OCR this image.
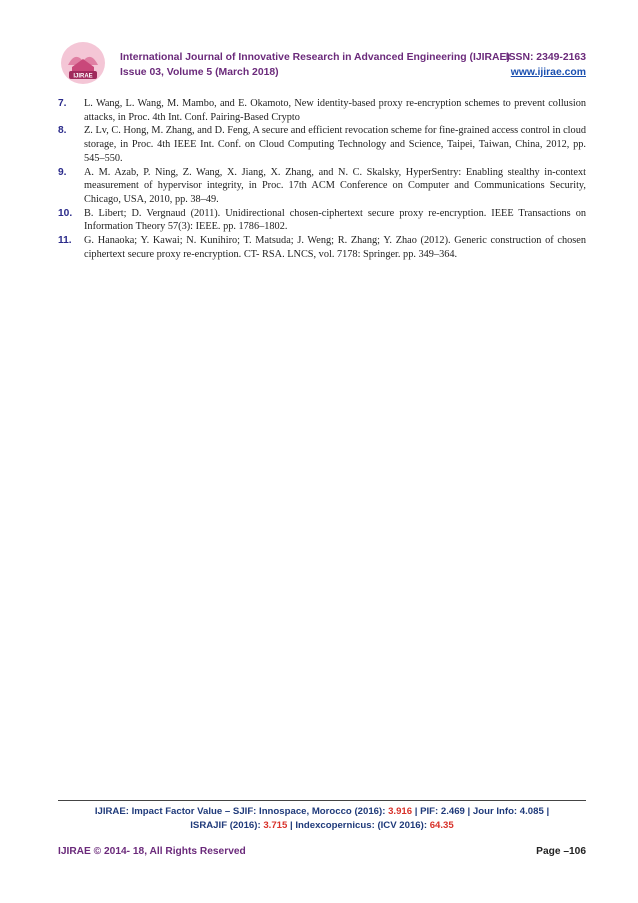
IJIRAE
International Journal of Innovative Research in Advanced Engineering (IJIRAE)
ISSN: 2349-2163
Issue 03, Volume 5 (March 2018)	www.ijirae.com
7. L. Wang, L. Wang, M. Mambo, and E. Okamoto, New identity-based proxy re-encryption schemes to prevent collusion attacks, in Proc. 4th Int. Conf. Pairing-Based Crypto
8. Z. Lv, C. Hong, M. Zhang, and D. Feng, A secure and efficient revocation scheme for fine-grained access control in cloud storage, in Proc. 4th IEEE Int. Conf. on Cloud Computing Technology and Science, Taipei, Taiwan, China, 2012, pp. 545–550.
9. A. M. Azab, P. Ning, Z. Wang, X. Jiang, X. Zhang, and N. C. Skalsky, HyperSentry: Enabling stealthy in-context measurement of hypervisor integrity, in Proc. 17th ACM Conference on Computer and Communications Security, Chicago, USA, 2010, pp. 38–49.
10. B. Libert; D. Vergnaud (2011). Unidirectional chosen-ciphertext secure proxy re-encryption. IEEE Transactions on Information Theory 57(3): IEEE. pp. 1786–1802.
11. G. Hanaoka; Y. Kawai; N. Kunihiro; T. Matsuda; J. Weng; R. Zhang; Y. Zhao (2012). Generic construction of chosen ciphertext secure proxy re-encryption. CT- RSA. LNCS, vol. 7178: Springer. pp. 349–364.
IJIRAE: Impact Factor Value – SJIF: Innospace, Morocco (2016): 3.916 | PIF: 2.469 | Jour Info: 4.085 |
ISRAJIF (2016): 3.715 | Indexcopernicus: (ICV 2016): 64.35
IJIRAE © 2014- 18, All Rights Reserved	Page –106
